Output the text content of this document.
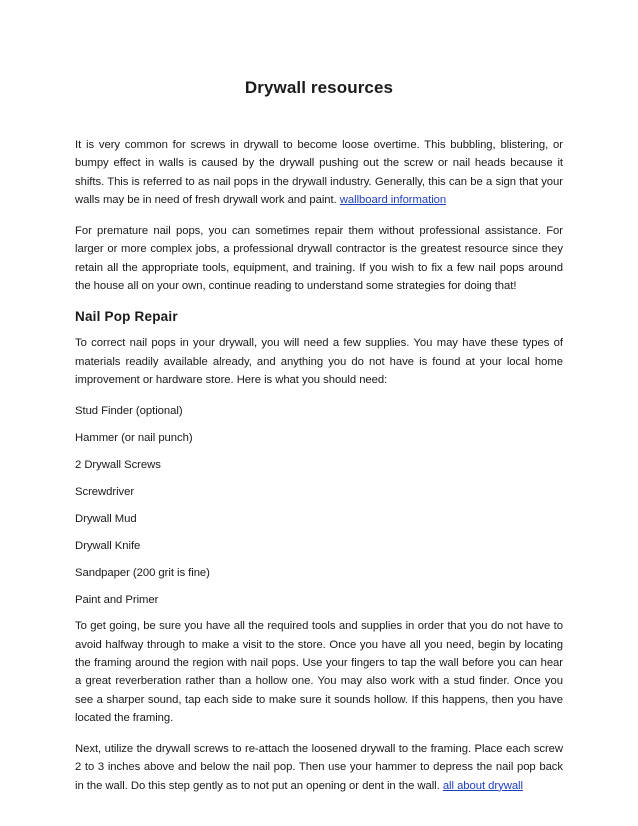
Drywall resources

It is very common for screws in drywall to become loose overtime. This bubbling, blistering, or bumpy effect in walls is caused by the drywall pushing out the screw or nail heads because it shifts. This is referred to as nail pops in the drywall industry. Generally, this can be a sign that your walls may be in need of fresh drywall work and paint. wallboard information

For premature nail pops, you can sometimes repair them without professional assistance. For larger or more complex jobs, a professional drywall contractor is the greatest resource since they retain all the appropriate tools, equipment, and training. If you wish to fix a few nail pops around the house all on your own, continue reading to understand some strategies for doing that!

Nail Pop Repair

To correct nail pops in your drywall, you will need a few supplies. You may have these types of materials readily available already, and anything you do not have is found at your local home improvement or hardware store. Here is what you should need:

Stud Finder (optional)

Hammer (or nail punch)

2 Drywall Screws

Screwdriver

Drywall Mud

Drywall Knife

Sandpaper (200 grit is fine)

Paint and Primer

To get going, be sure you have all the required tools and supplies in order that you do not have to avoid halfway through to make a visit to the store. Once you have all you need, begin by locating the framing around the region with nail pops. Use your fingers to tap the wall before you can hear a great reverberation rather than a hollow one. You may also work with a stud finder. Once you see a sharper sound, tap each side to make sure it sounds hollow. If this happens, then you have located the framing.

Next, utilize the drywall screws to re-attach the loosened drywall to the framing. Place each screw 2 to 3 inches above and below the nail pop. Then use your hammer to depress the nail pop back in the wall. Do this step gently as to not put an opening or dent in the wall. all about drywall
